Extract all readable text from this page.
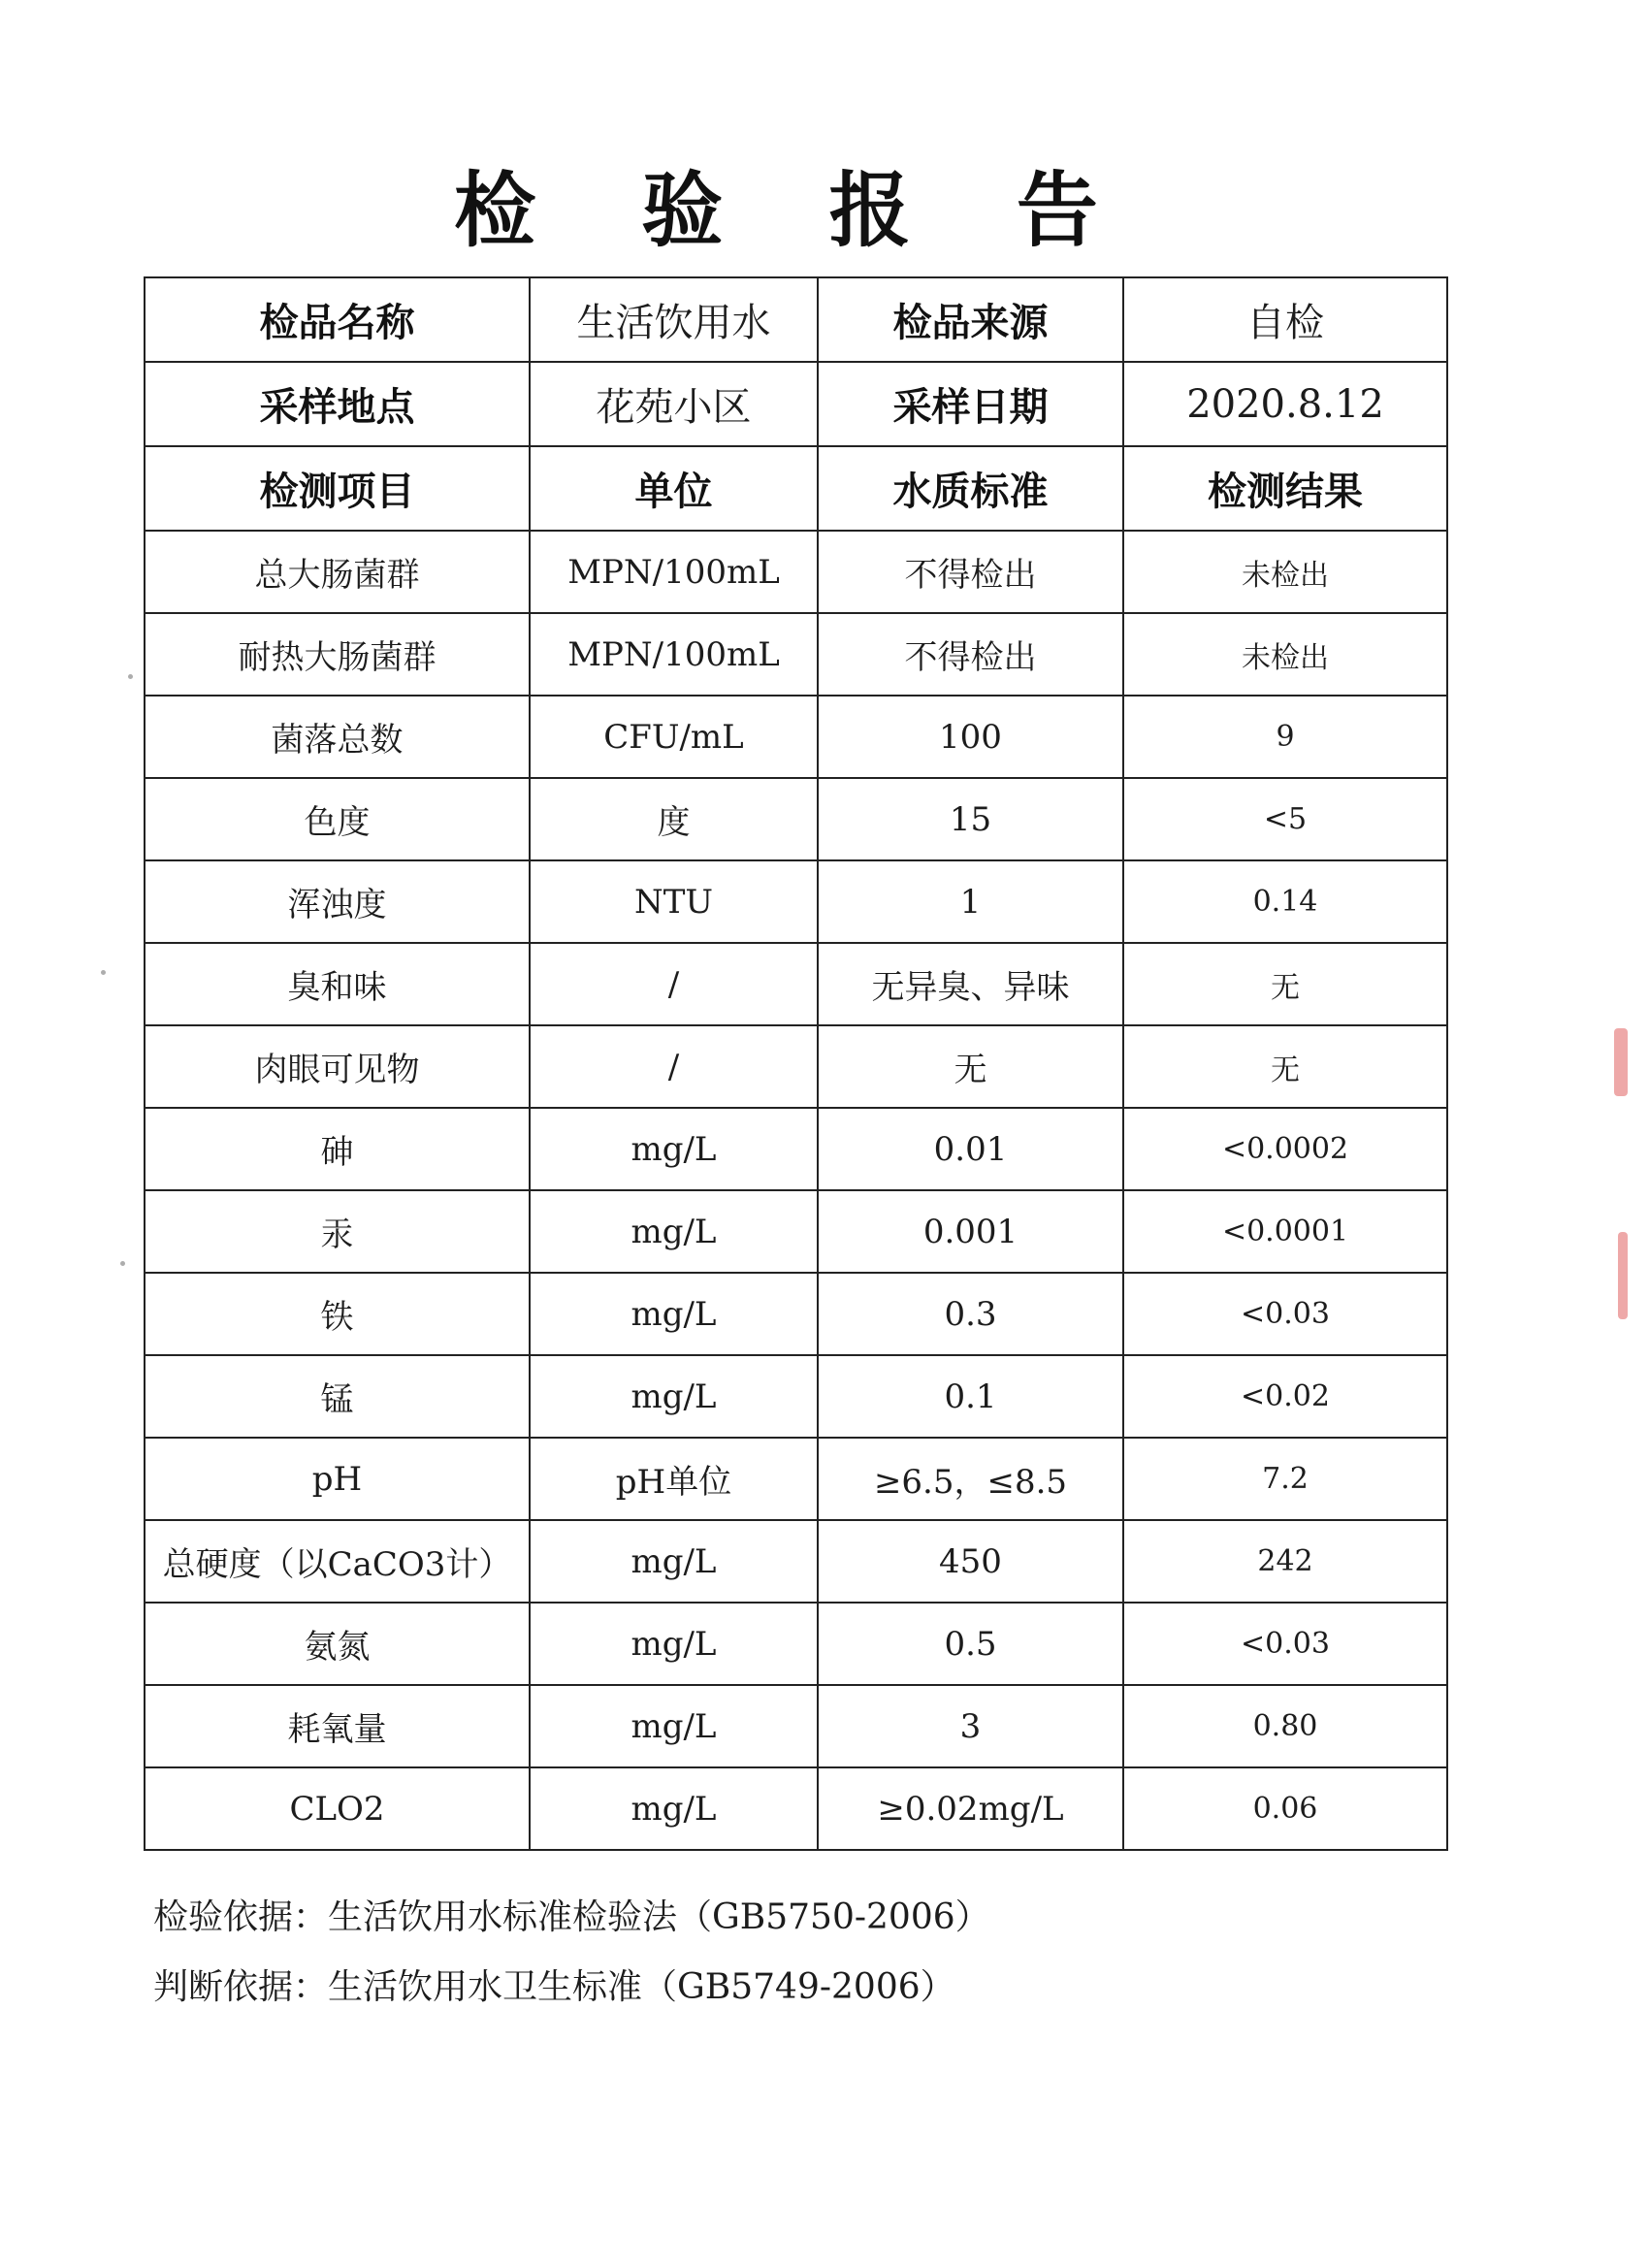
检 验 报 告
检品名称	生活饮用水	检品来源	自检
采样地点	花苑小区	采样日期	2020.8.12
检测项目	单位	水质标准	检测结果
总大肠菌群	MPN/100mL	不得检出	未检出
耐热大肠菌群	MPN/100mL	不得检出	未检出
菌落总数	CFU/mL	100	9
色度	度	15	<5
浑浊度	NTU	1	0.14
臭和味	/	无异臭、异味	无
肉眼可见物	/	无	无
砷	mg/L	0.01	<0.0002
汞	mg/L	0.001	<0.0001
铁	mg/L	0.3	<0.03
锰	mg/L	0.1	<0.02
pH	pH单位	≥6.5，≤8.5	7.2
总硬度（以CaCO3计）	mg/L	450	242
氨氮	mg/L	0.5	<0.03
耗氧量	mg/L	3	0.80
CLO2	mg/L	≥0.02mg/L	0.06
检验依据：生活饮用水标准检验法（GB5750-2006）
判断依据：生活饮用水卫生标准（GB5749-2006）
